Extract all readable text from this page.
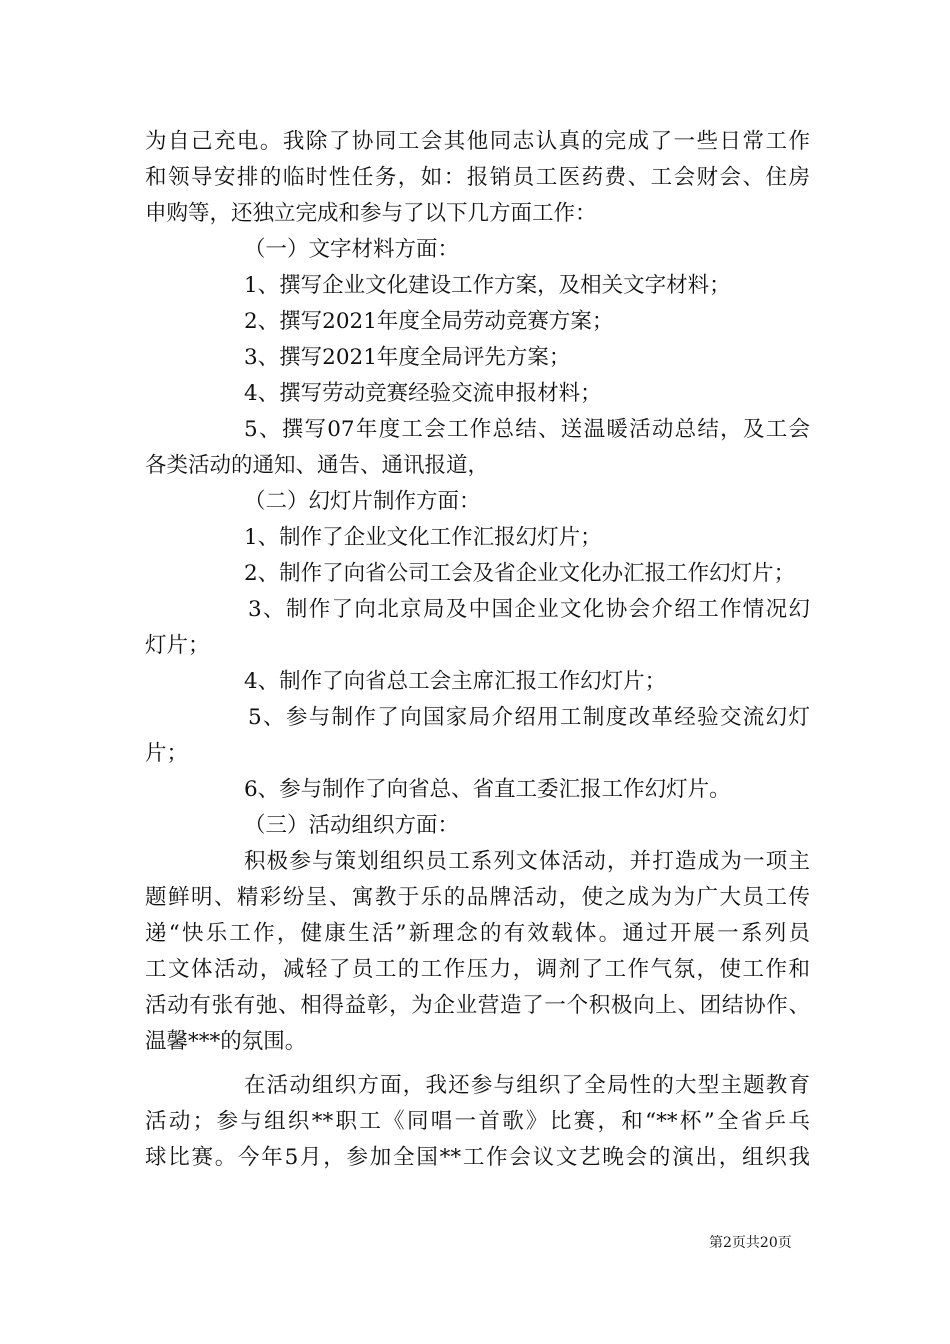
为自己充电。我除了协同工会其他同志认真的完成了一些日常工作
和领导安排的临时性任务，如：报销员工医药费、工会财会、住房
申购等，还独立完成和参与了以下几方面工作：
（一）文字材料方面：
1、撰写企业文化建设工作方案，及相关文字材料；
2、撰写2021年度全局劳动竞赛方案；
3、撰写2021年度全局评先方案；
4、撰写劳动竞赛经验交流申报材料；
5、撰写07年度工会工作总结、送温暖活动总结，及工会
各类活动的通知、通告、通讯报道，
（二）幻灯片制作方面：
1、制作了企业文化工作汇报幻灯片；
2、制作了向省公司工会及省企业文化办汇报工作幻灯片；
3、制作了向北京局及中国企业文化协会介绍工作情况幻
灯片；
4、制作了向省总工会主席汇报工作幻灯片；
5、参与制作了向国家局介绍用工制度改革经验交流幻灯
片；
6、参与制作了向省总、省直工委汇报工作幻灯片。
（三）活动组织方面：
积极参与策划组织员工系列文体活动，并打造成为一项主
题鲜明、精彩纷呈、寓教于乐的品牌活动，使之成为为广大员工传
递“快乐工作，健康生活”新理念的有效载体。通过开展一系列员
工文体活动，减轻了员工的工作压力，调剂了工作气氛，使工作和
活动有张有弛、相得益彰，为企业营造了一个积极向上、团结协作、
温馨***的氛围。
在活动组织方面，我还参与组织了全局性的大型主题教育
活动；参与组织**职工《同唱一首歌》比赛，和“**杯”全省乒乓
球比赛。今年5月，参加全国**工作会议文艺晚会的演出，组织我
第2页共20页
